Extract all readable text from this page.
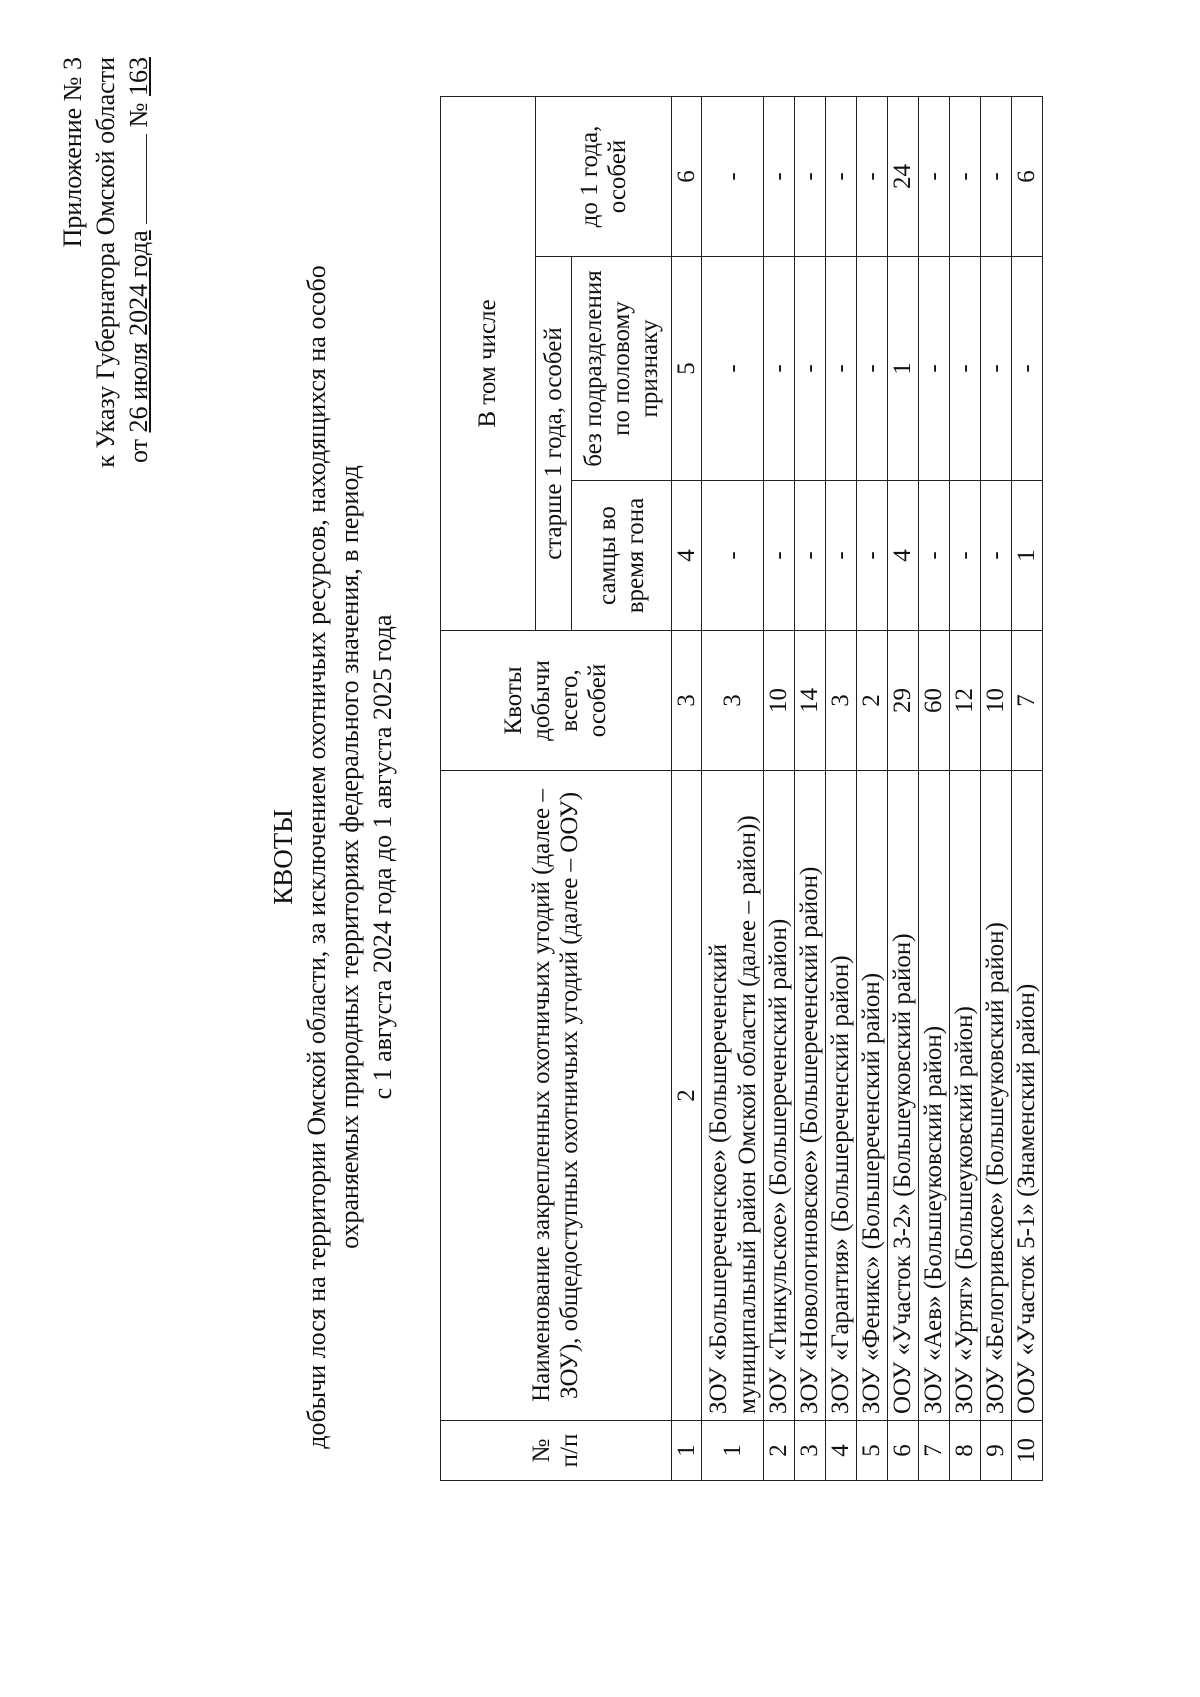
Приложение № 3 к Указу Губернатора Омской области от 26 июля 2024 года  № 163
КВОТЫ добычи лося на территории Омской области, за исключением охотничьих ресурсов, находящихся на особо охраняемых природных территориях федерального значения, в период с 1 августа 2024 года до 1 августа 2025 года
№ п/п	Наименование закрепленных охотничьих угодий (далее – ЗОУ), общедоступных охотничьих угодий (далее – ООУ)	Квоты добычи всего, особей	В том числе		
			старше 1 года, особей		до 1 года, особей
			самцы во время гона	без подразделения по половому признаку	
1	2	3	4	5	6
1	ЗОУ «Большереченское» (Большереченский муниципальный район Омской области (далее – район))	3	-	-	-
2	ЗОУ «Тинкульское» (Большереченский район)	10	-	-	-
3	ЗОУ «Новологиновское» (Большереченский район)	14	-	-	-
4	ЗОУ «Гарантия» (Большереченский район)	3	-	-	-
5	ЗОУ «Феникс» (Большереченский район)	2	-	-	-
6	ООУ «Участок 3-2» (Большеуковский район)	29	4	1	24
7	ЗОУ «Аев» (Большеуковский район)	60	-	-	-
8	ЗОУ «Уртяг» (Большеуковский район)	12	-	-	-
9	ЗОУ «Белогривское» (Большеуковский район)	10	-	-	-
10	ООУ «Участок 5-1» (Знаменский район)	7	1	-	6
